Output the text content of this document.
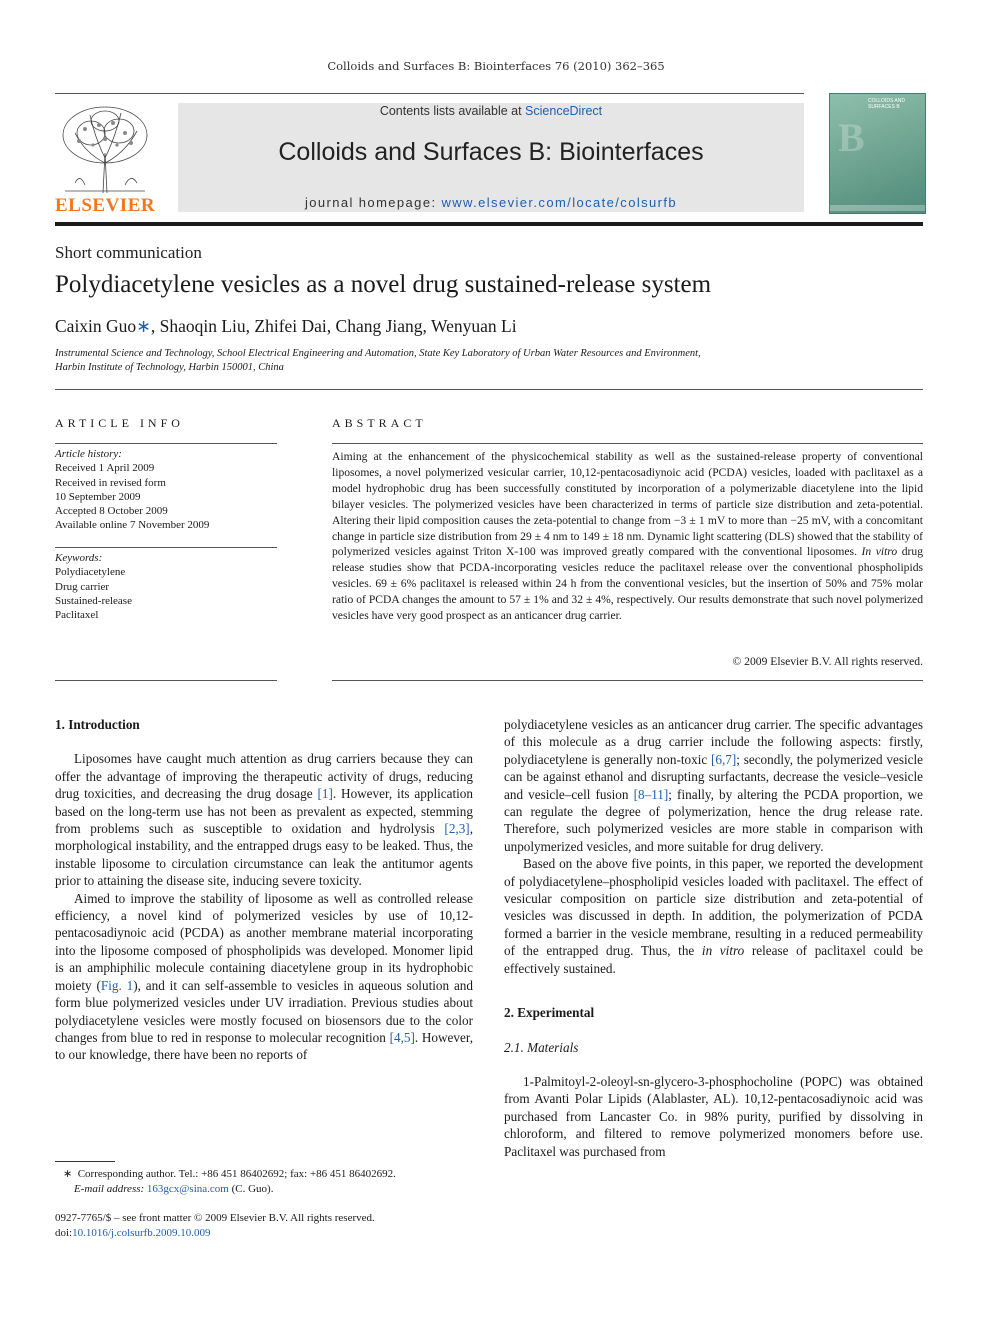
Colloids and Surfaces B: Biointerfaces 76 (2010) 362–365
ELSEVIER
Contents lists available at ScienceDirect
Colloids and Surfaces B: Biointerfaces
journal homepage: www.elsevier.com/locate/colsurfb
COLLOIDS AND SURFACES B
B
Short communication
Polydiacetylene vesicles as a novel drug sustained-release system
Caixin Guo∗, Shaoqin Liu, Zhifei Dai, Chang Jiang, Wenyuan Li
Instrumental Science and Technology, School Electrical Engineering and Automation, State Key Laboratory of Urban Water Resources and Environment,
Harbin Institute of Technology, Harbin 150001, China
ARTICLE INFO
Article history:
Received 1 April 2009
Received in revised form
10 September 2009
Accepted 8 October 2009
Available online 7 November 2009
Keywords:
Polydiacetylene
Drug carrier
Sustained-release
Paclitaxel
ABSTRACT
Aiming at the enhancement of the physicochemical stability as well as the sustained-release property of conventional liposomes, a novel polymerized vesicular carrier, 10,12-pentacosadiynoic acid (PCDA) vesicles, loaded with paclitaxel as a model hydrophobic drug has been successfully constituted by incorporation of a polymerizable diacetylene into the lipid bilayer vesicles. The polymerized vesicles have been characterized in terms of particle size distribution and zeta-potential. Altering their lipid composition causes the zeta-potential to change from −3 ± 1 mV to more than −25 mV, with a concomitant change in particle size distribution from 29 ± 4 nm to 149 ± 18 nm. Dynamic light scattering (DLS) showed that the stability of polymerized vesicles against Triton X-100 was improved greatly compared with the conventional liposomes. In vitro drug release studies show that PCDA-incorporating vesicles reduce the paclitaxel release over the conventional phospholipids vesicles. 69 ± 6% paclitaxel is released within 24 h from the conventional vesicles, but the insertion of 50% and 75% molar ratio of PCDA changes the amount to 57 ± 1% and 32 ± 4%, respectively. Our results demonstrate that such novel polymerized vesicles have very good prospect as an anticancer drug carrier.
© 2009 Elsevier B.V. All rights reserved.
1. Introduction

Liposomes have caught much attention as drug carriers because they can offer the advantage of improving the therapeutic activity of drugs, reducing drug toxicities, and decreasing the drug dosage [1]. However, its application based on the long-term use has not been as prevalent as expected, stemming from problems such as susceptible to oxidation and hydrolysis [2,3], morphological instability, and the entrapped drugs easy to be leaked. Thus, the instable liposome to circulation circumstance can leak the antitumor agents prior to attaining the disease site, inducing severe toxicity.

Aimed to improve the stability of liposome as well as controlled release efficiency, a novel kind of polymerized vesicles by use of 10,12-pentacosadiynoic acid (PCDA) as another membrane material incorporating into the liposome composed of phospholipids was developed. Monomer lipid is an amphiphilic molecule containing diacetylene group in its hydrophobic moiety (Fig. 1), and it can self-assemble to vesicles in aqueous solution and form blue polymerized vesicles under UV irradiation. Previous studies about polydiacetylene vesicles were mostly focused on biosensors due to the color changes from blue to red in response to molecular recognition [4,5]. However, to our knowledge, there have been no reports of

polydiacetylene vesicles as an anticancer drug carrier. The specific advantages of this molecule as a drug carrier include the following aspects: firstly, polydiacetylene is generally non-toxic [6,7]; secondly, the polymerized vesicle can be against ethanol and disrupting surfactants, decrease the vesicle–vesicle and vesicle–cell fusion [8–11]; finally, by altering the PCDA proportion, we can regulate the degree of polymerization, hence the drug release rate. Therefore, such polymerized vesicles are more stable in comparison with unpolymerized vesicles, and more suitable for drug delivery.

Based on the above five points, in this paper, we reported the development of polydiacetylene–phospholipid vesicles loaded with paclitaxel. The effect of vesicular composition on particle size distribution and zeta-potential of vesicles was discussed in depth. In addition, the polymerization of PCDA formed a barrier in the vesicle membrane, resulting in a reduced permeability of the entrapped drug. Thus, the in vitro release of paclitaxel could be effectively sustained.

2. Experimental
2.1. Materials

1-Palmitoyl-2-oleoyl-sn-glycero-3-phosphocholine (POPC) was obtained from Avanti Polar Lipids (Alablaster, AL). 10,12-pentacosadiynoic acid was purchased from Lancaster Co. in 98% purity, purified by dissolving in chloroform, and filtered to remove polymerized monomers before use. Paclitaxel was purchased from

∗ Corresponding author. Tel.: +86 451 86402692; fax: +86 451 86402692.
E-mail address: 163gcx@sina.com (C. Guo).
0927-7765/$ – see front matter © 2009 Elsevier B.V. All rights reserved.
doi:10.1016/j.colsurfb.2009.10.009
